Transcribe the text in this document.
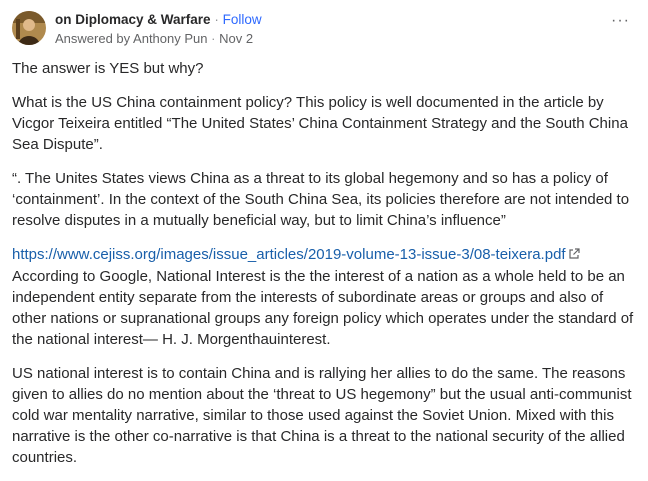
on Diplomacy & Warfare · Follow
Answered by Anthony Pun · Nov 2
···

The answer is YES but why?

What is the US China containment policy? This policy is well documented in the article by Vicgor Teixeira entitled “The United States’ China Containment Strategy and the South China Sea Dispute”.

“. The Unites States views China as a threat to its global hegemony and so has a policy of ‘containment’. In the context of the South China Sea, its policies therefore are not intended to resolve disputes in a mutually beneficial way, but to limit China’s influence”

https://www.cejiss.org/images/issue_articles/2019-volume-13-issue-3/08-teixera.pdf
According to Google, National Interest is the the interest of a nation as a whole held to be an independent entity separate from the interests of subordinate areas or groups and also of other nations or supranational groups any foreign policy which operates under the standard of the national interest— H. J. Morgenthauinterest.

US national interest is to contain China and is rallying her allies to do the same. The reasons given to allies do no mention about the ‘threat to US hegemony” but the usual anti-communist cold war mentality narrative, similar to those used against the Soviet Union. Mixed with this narrative is the other co-narrative is that China is a threat to the national security of the allied countries.
